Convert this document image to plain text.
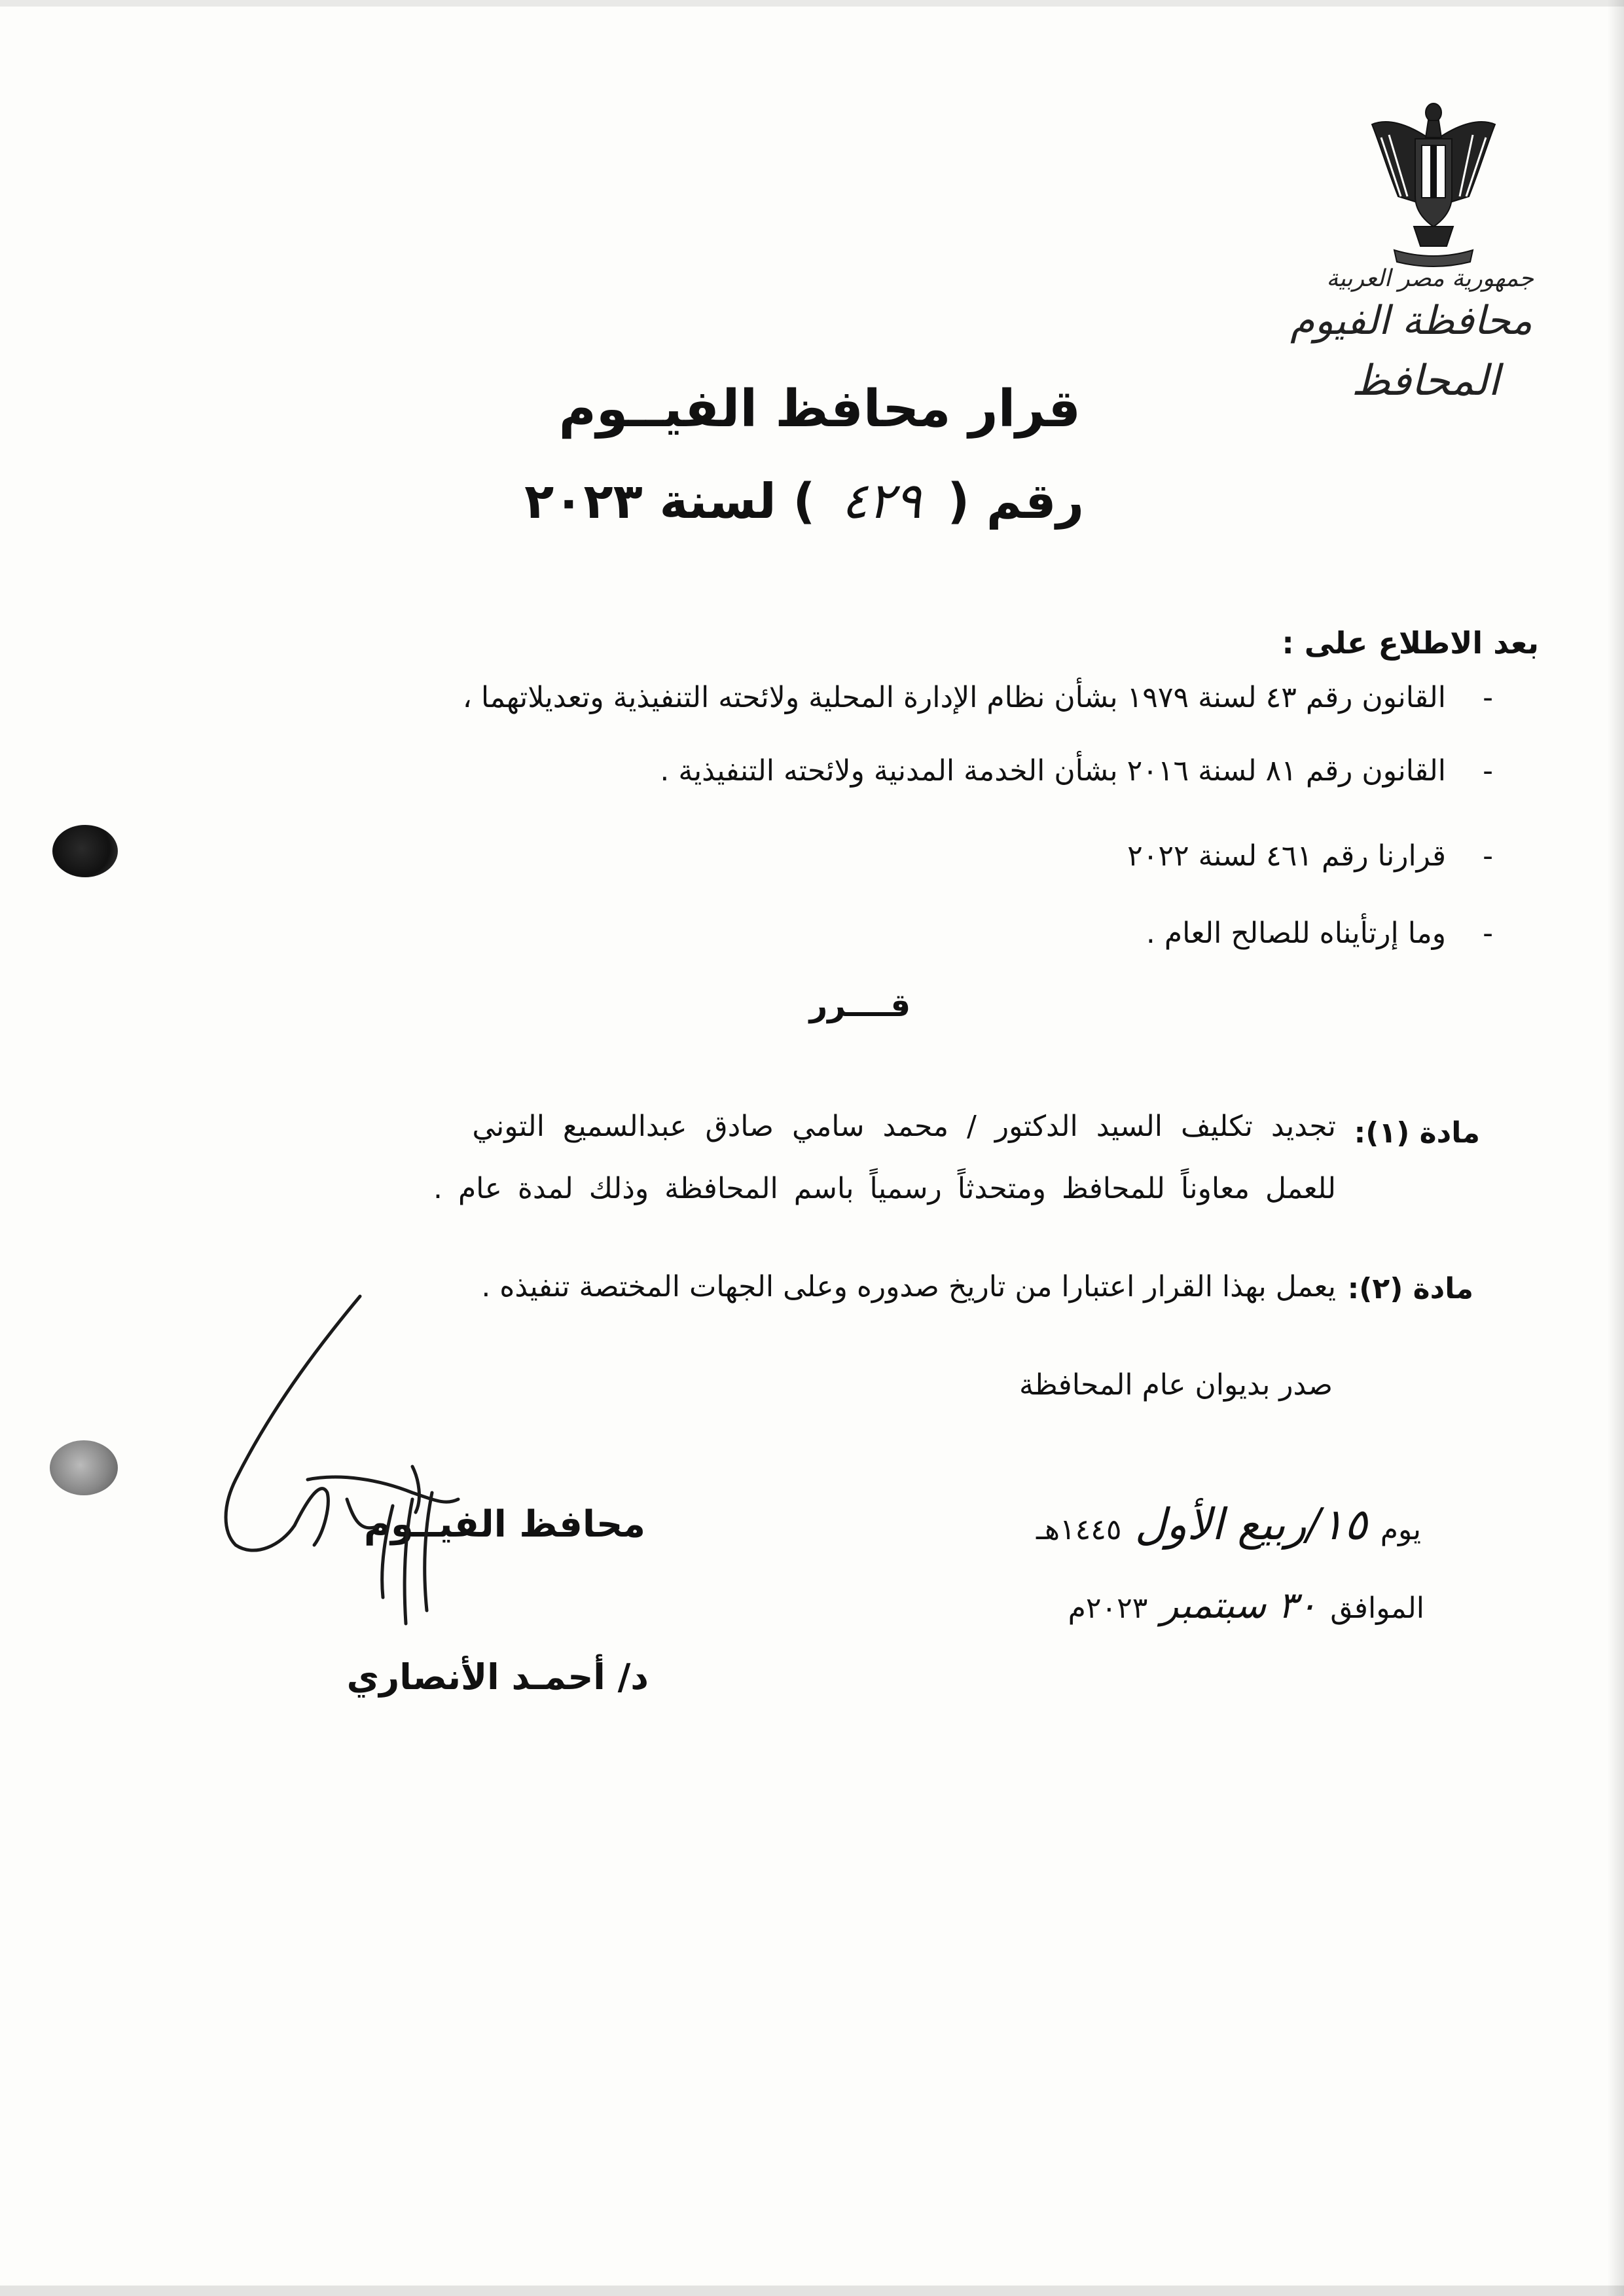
جمهورية مصر العربية
محافظة الفيوم
المحافظ
قرار محافظ الفيــوم
رقم ( ٤٢٩ ) لسنة ٢٠٢٣
بعد الاطلاع على :
-القانون رقم ٤٣ لسنة ١٩٧٩ بشأن نظام الإدارة المحلية ولائحته التنفيذية وتعديلاتهما ،
-القانون رقم ٨١ لسنة ٢٠١٦ بشأن الخدمة المدنية ولائحته التنفيذية .
-قرارنا رقم ٤٦١ لسنة ٢٠٢٢
-وما إرتأيناه للصالح العام .
قــــرر
مادة (١):
تجديد تكليف السيد الدكتور / محمد سامي صادق عبدالسميع التوني
للعمل معاوناً للمحافظ ومتحدثاً رسمياً باسم المحافظة وذلك لمدة عام .
مادة (٢):
يعمل بهذا القرار اعتبارا من تاريخ صدوره وعلى الجهات المختصة تنفيذه .
صدر بديوان عام المحافظة
يوم ١٥/ربيع الأول ١٤٤٥هـ
الموافق ٣٠ سبتمبر ٢٠٢٣م
محافظ الفيــوم
د/ أحمـد الأنصاري
